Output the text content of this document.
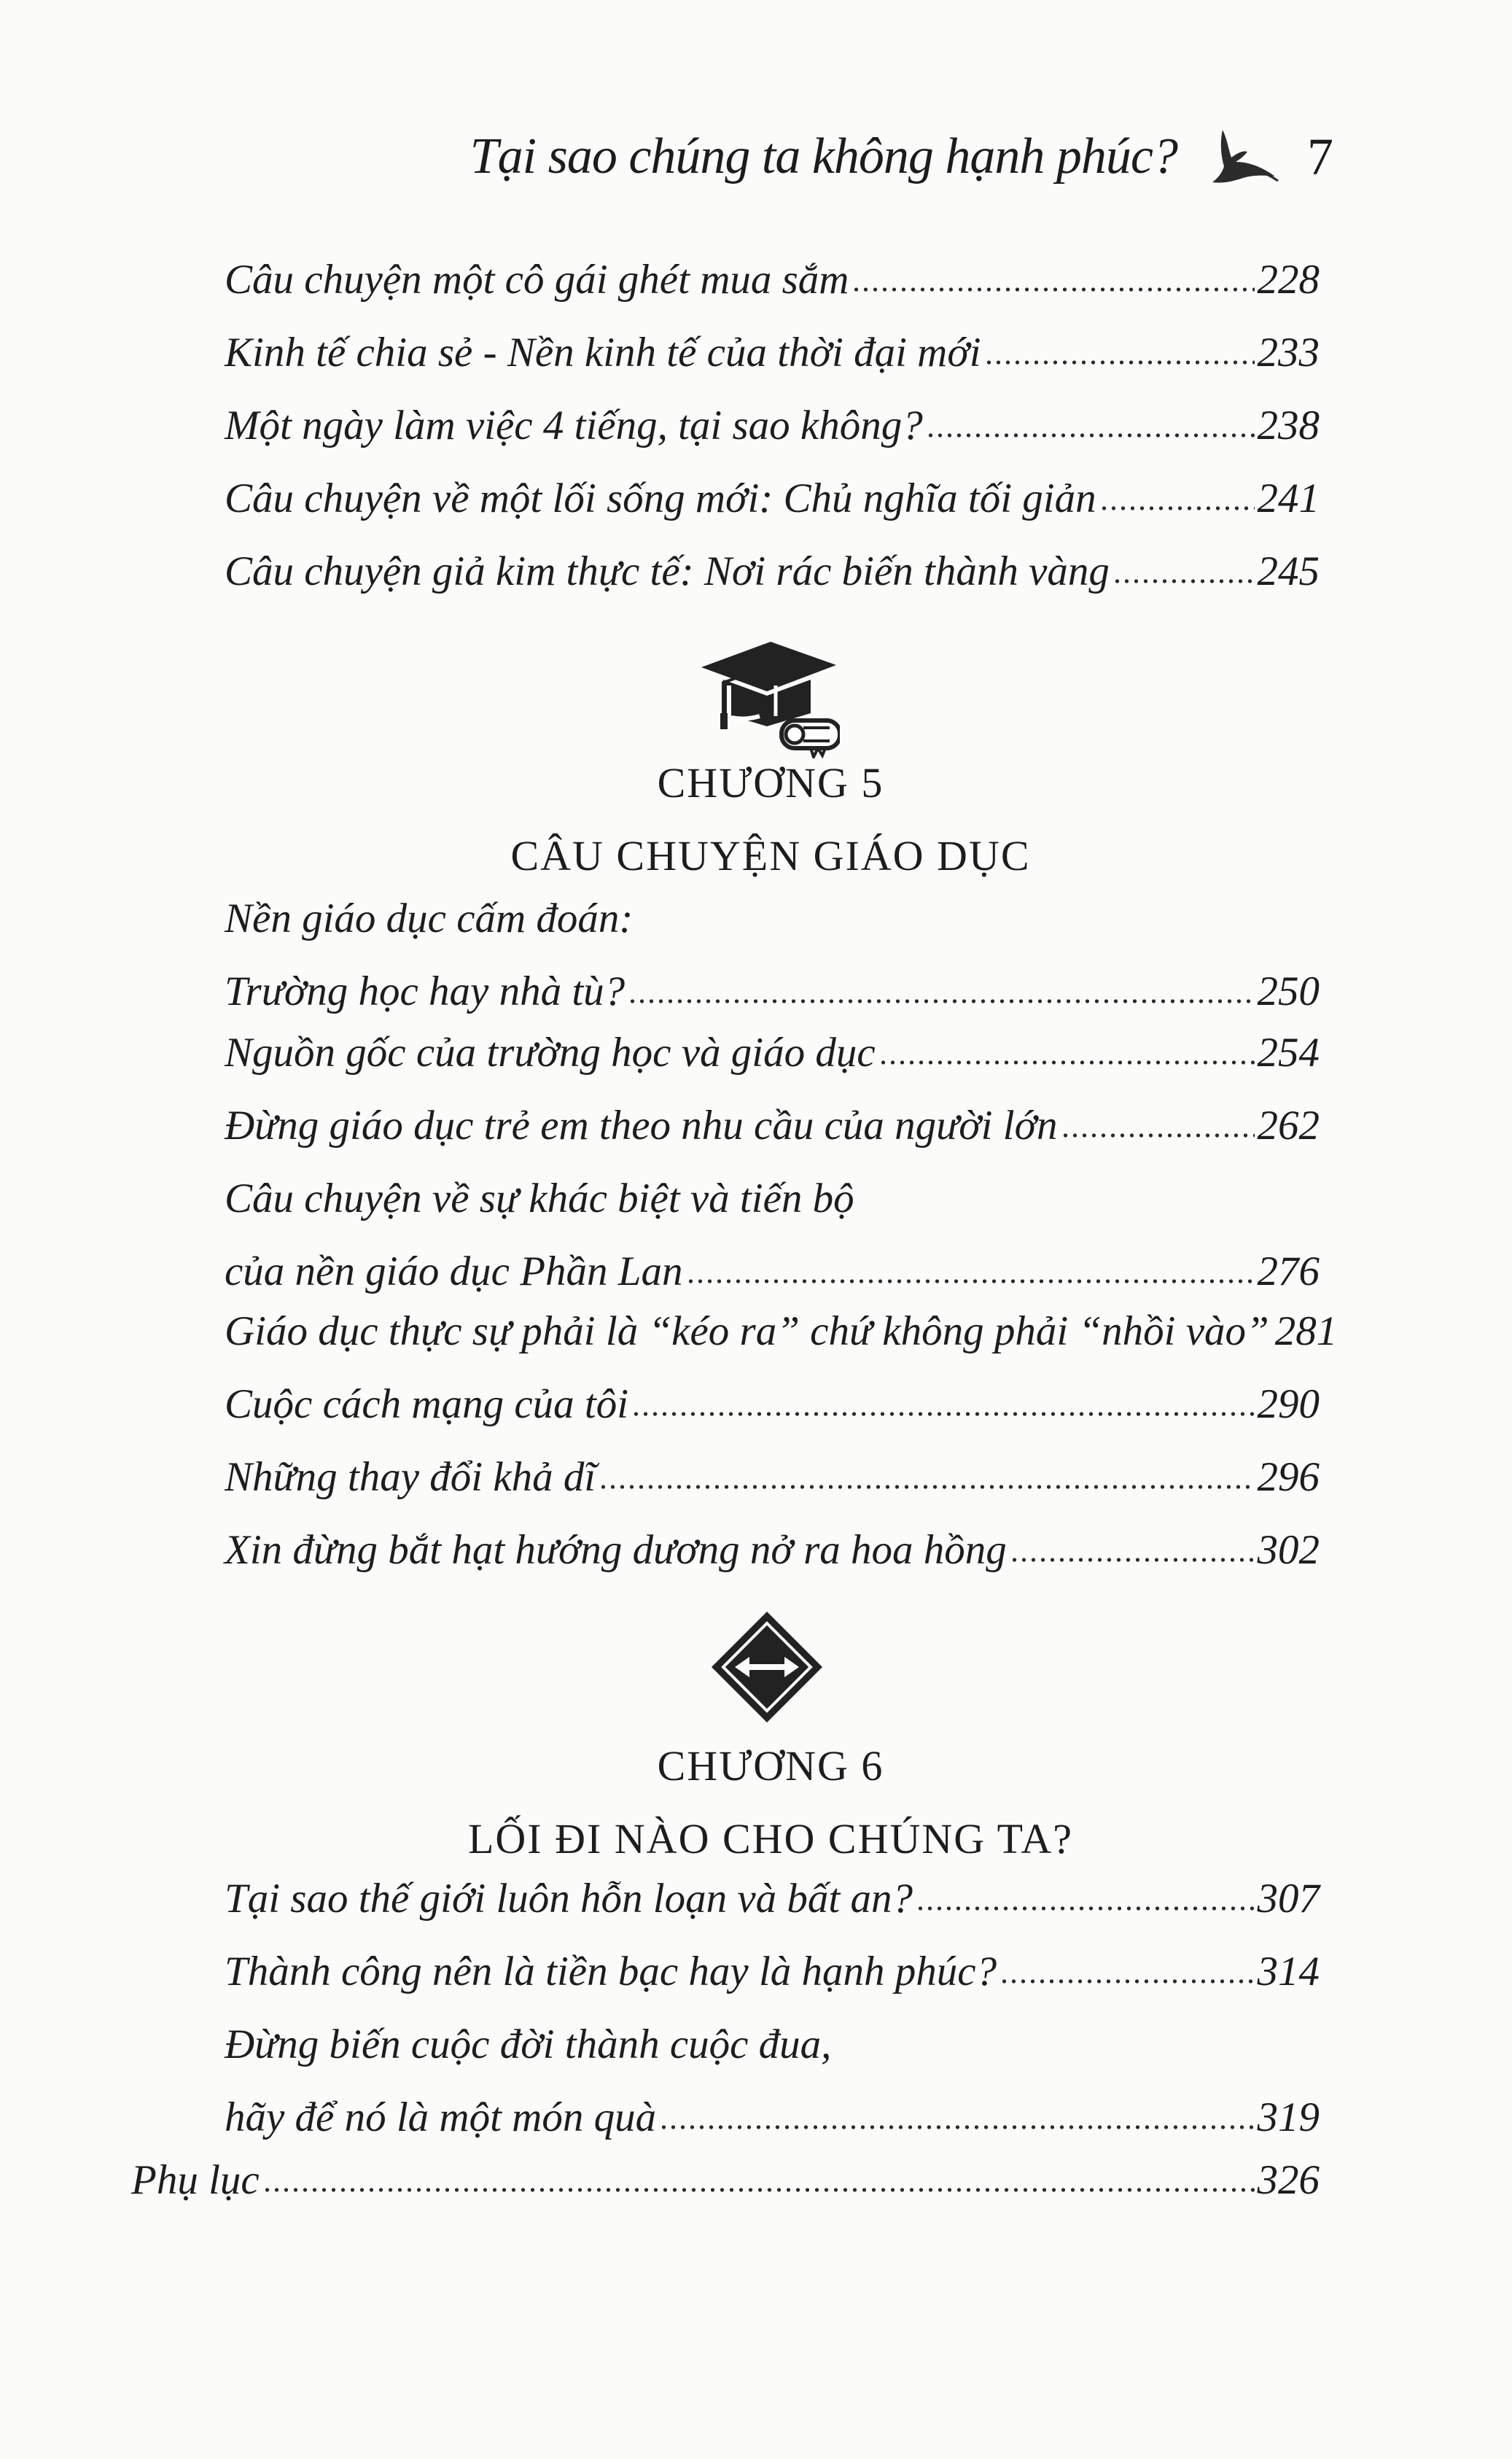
Tại sao chúng ta không hạnh phúc? 7
Câu chuyện một cô gái ghét mua sắm	228
Kinh tế chia sẻ - Nền kinh tế của thời đại mới	233
Một ngày làm việc 4 tiếng, tại sao không?	238
Câu chuyện về một lối sống mới: Chủ nghĩa tối giản	241
Câu chuyện giả kim thực tế: Nơi rác biến thành vàng	245
CHƯƠNG 5
CÂU CHUYỆN GIÁO DỤC
Nền giáo dục cấm đoán:
Trường học hay nhà tù?	250
Nguồn gốc của trường học và giáo dục	254
Đừng giáo dục trẻ em theo nhu cầu của người lớn	262
Câu chuyện về sự khác biệt và tiến bộ
của nền giáo dục Phần Lan	276
Giáo dục thực sự phải là “kéo ra” chứ không phải “nhồi vào” 281
Cuộc cách mạng của tôi	290
Những thay đổi khả dĩ	296
Xin đừng bắt hạt hướng dương nở ra hoa hồng	302
CHƯƠNG 6
LỐI ĐI NÀO CHO CHÚNG TA?
Tại sao thế giới luôn hỗn loạn và bất an?	307
Thành công nên là tiền bạc hay là hạnh phúc?	314
Đừng biến cuộc đời thành cuộc đua,
hãy để nó là một món quà	319
Phụ lục	326
